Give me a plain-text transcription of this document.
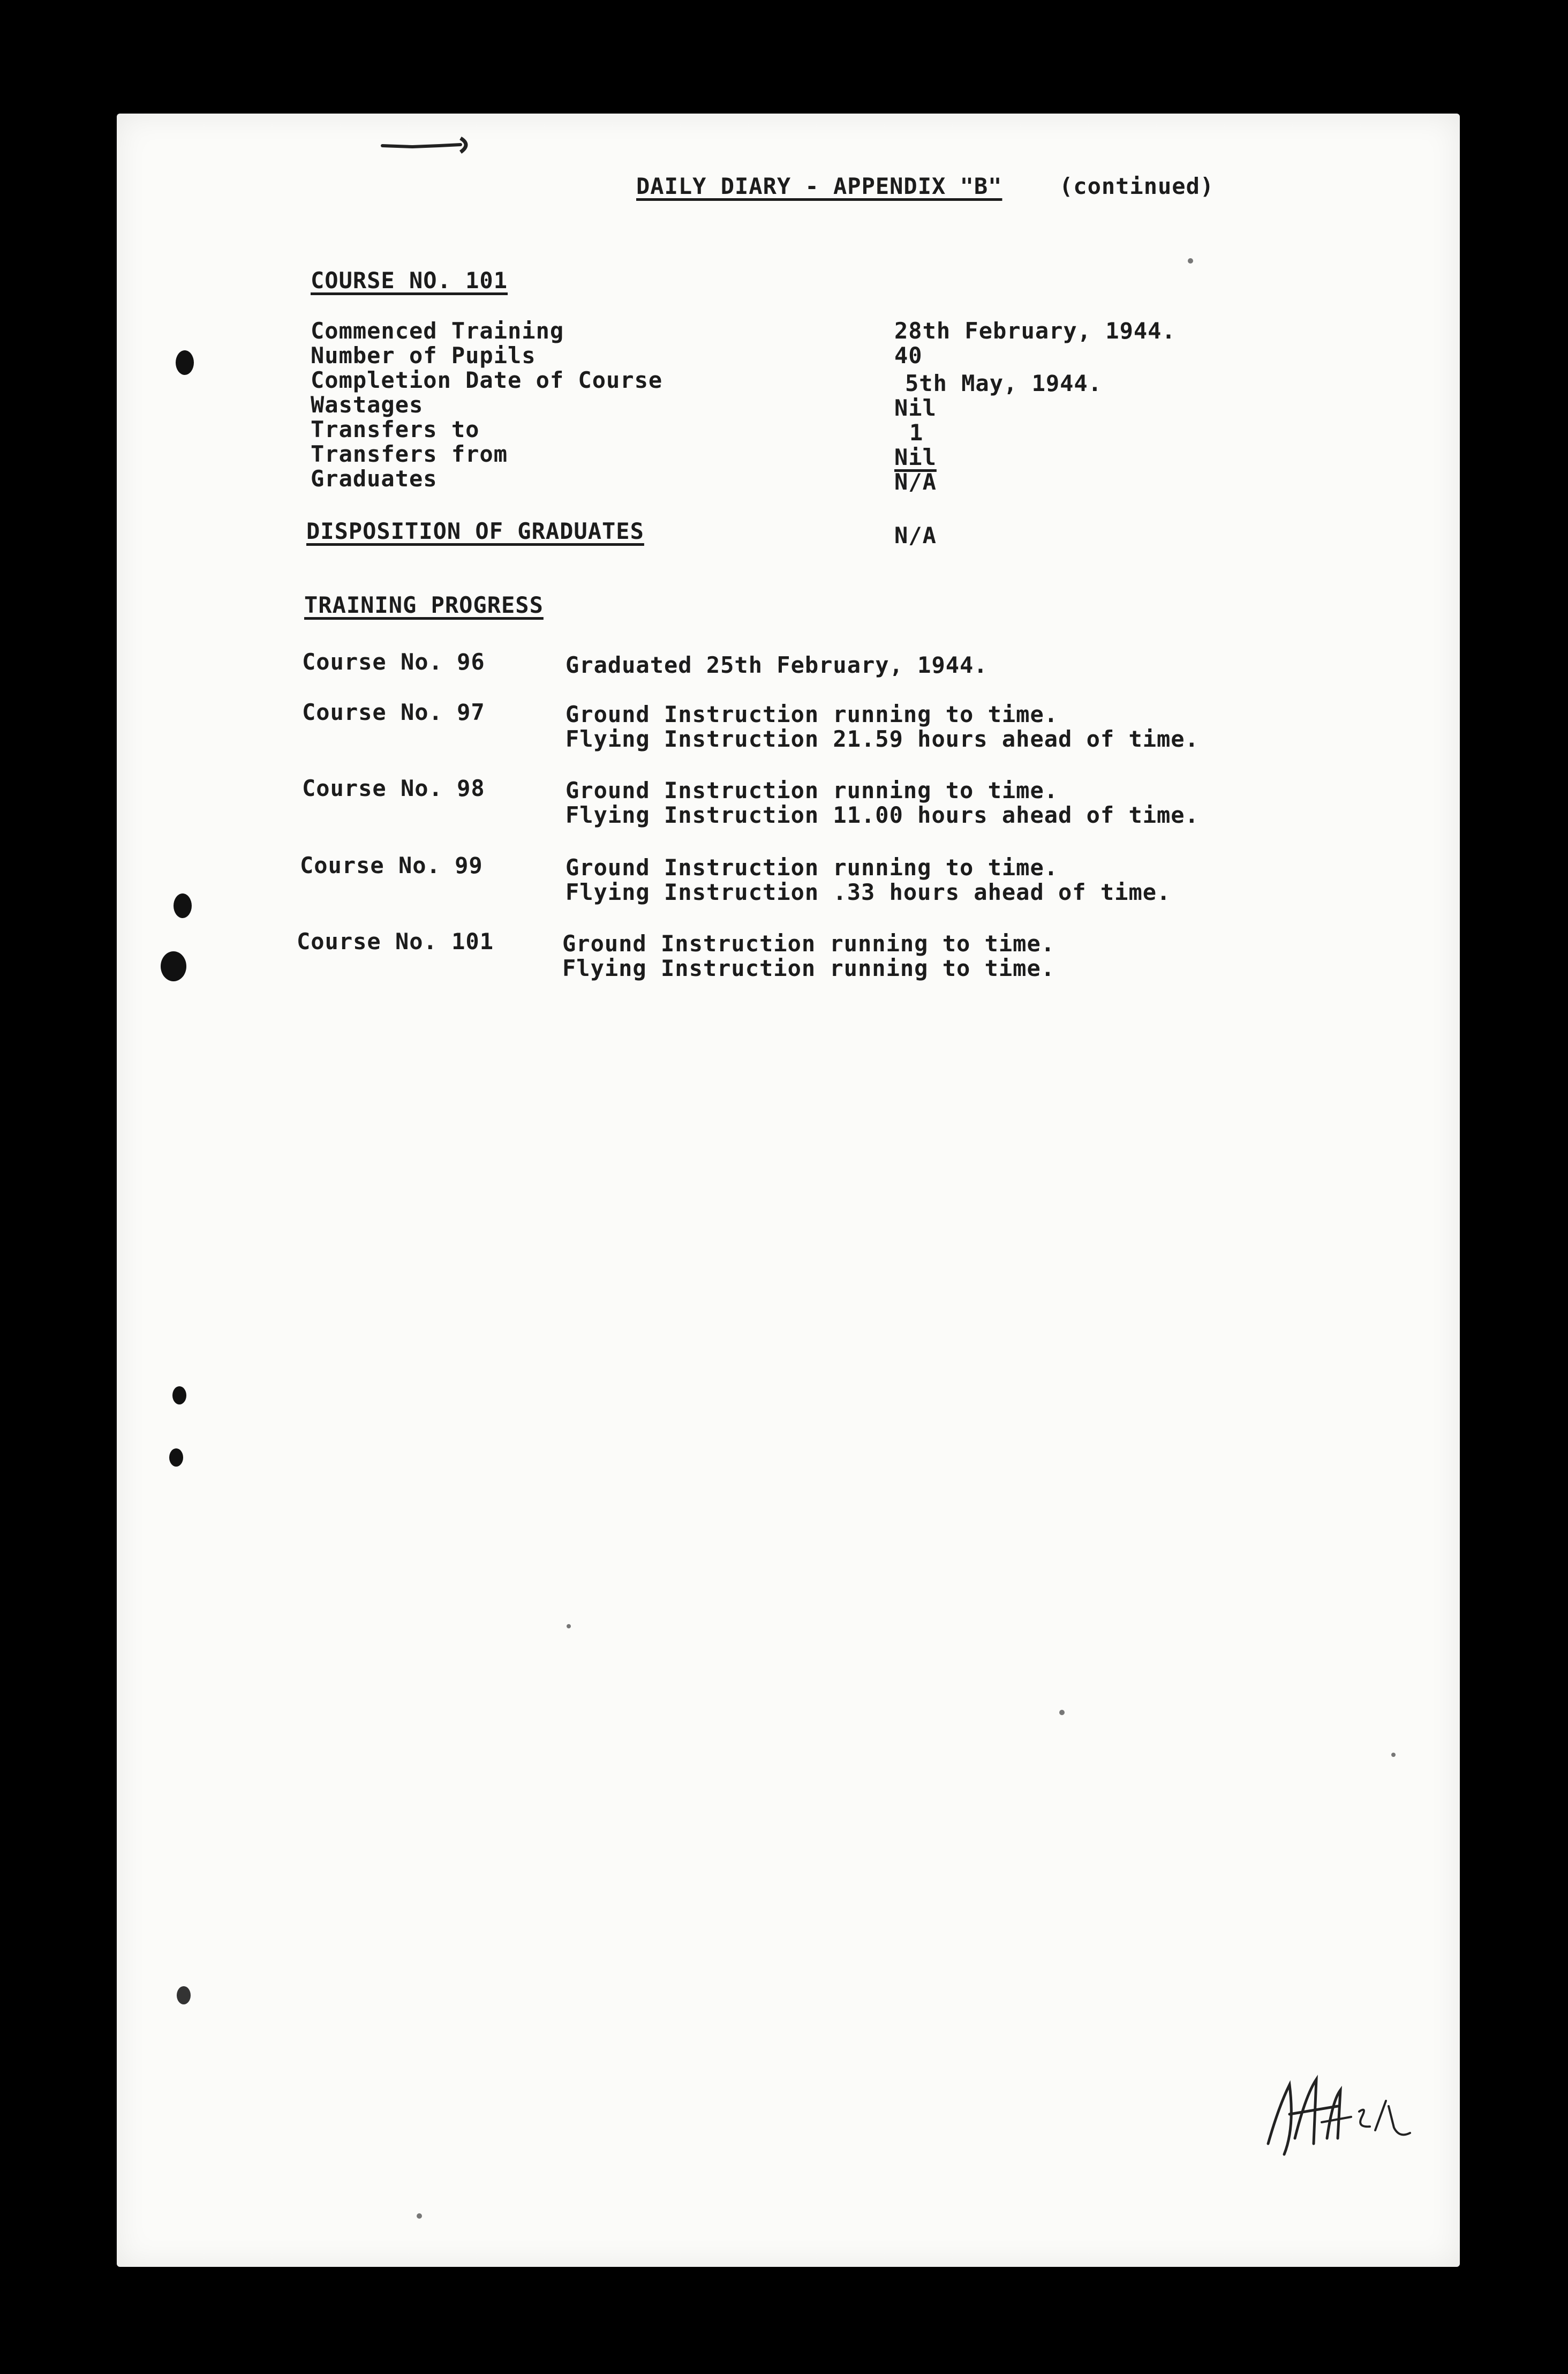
DAILY DIARY - APPENDIX "B"	(continued)
COURSE NO. 101
Commenced Training	28th February, 1944.
Number of Pupils	40
Completion Date of Course	5th May, 1944.
Wastages	Nil
Transfers to	1
Transfers from	Nil
Graduates	N/A
DISPOSITION OF GRADUATES	N/A
TRAINING PROGRESS
Course No. 96	Graduated 25th February, 1944.
Course No. 97	Ground Instruction running to time.
Flying Instruction 21.59 hours ahead of time.
Course No. 98	Ground Instruction running to time.
Flying Instruction 11.00 hours ahead of time.
Course No. 99	Ground Instruction running to time.
Flying Instruction .33 hours ahead of time.
Course No. 101	Ground Instruction running to time.
Flying Instruction running to time.
